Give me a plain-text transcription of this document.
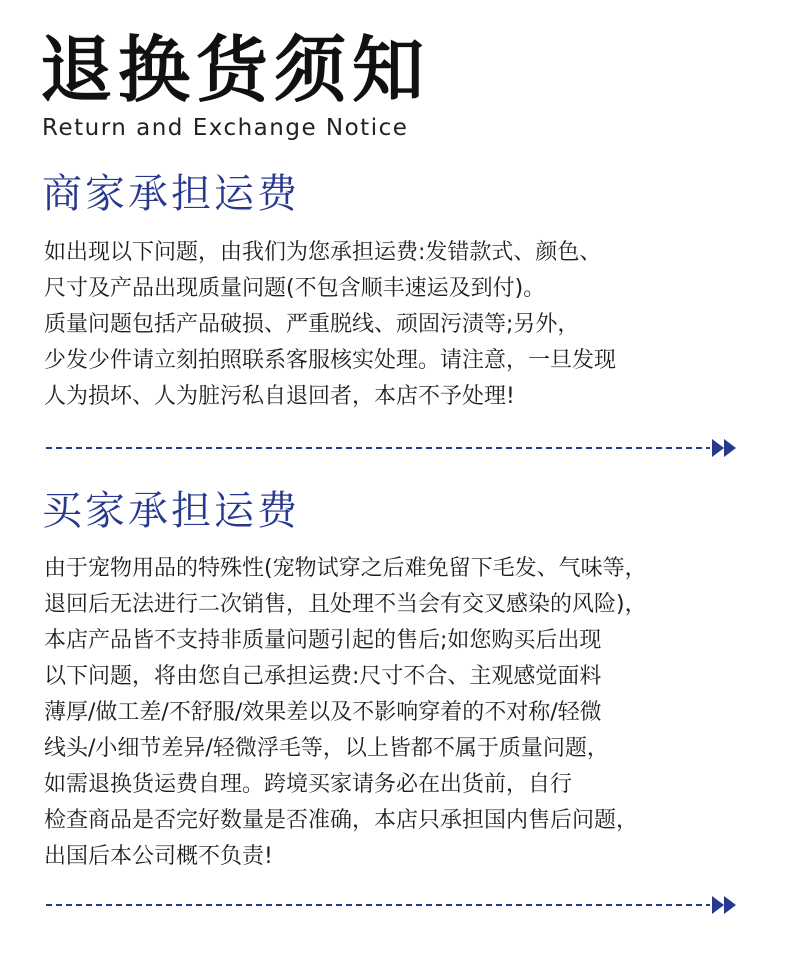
退换货须知
Return and Exchange Notice
商家承担运费
如出现以下问题，由我们为您承担运费:发错款式、颜色、
尺寸及产品出现质量问题(不包含顺丰速运及到付)。
质量问题包括产品破损、严重脱线、顽固污渍等;另外，
少发少件请立刻拍照联系客服核实处理。请注意，一旦发现
人为损坏、人为脏污私自退回者，本店不予处理!
买家承担运费
由于宠物用品的特殊性(宠物试穿之后难免留下毛发、气味等，
退回后无法进行二次销售，且处理不当会有交叉感染的风险)，
本店产品皆不支持非质量问题引起的售后;如您购买后出现
以下问题，将由您自己承担运费:尺寸不合、主观感觉面料
薄厚/做工差/不舒服/效果差以及不影响穿着的不对称/轻微
线头/小细节差异/轻微浮毛等，以上皆都不属于质量问题，
如需退换货运费自理。跨境买家请务必在出货前，自行
检查商品是否完好数量是否准确，本店只承担国内售后问题，
出国后本公司概不负责!
